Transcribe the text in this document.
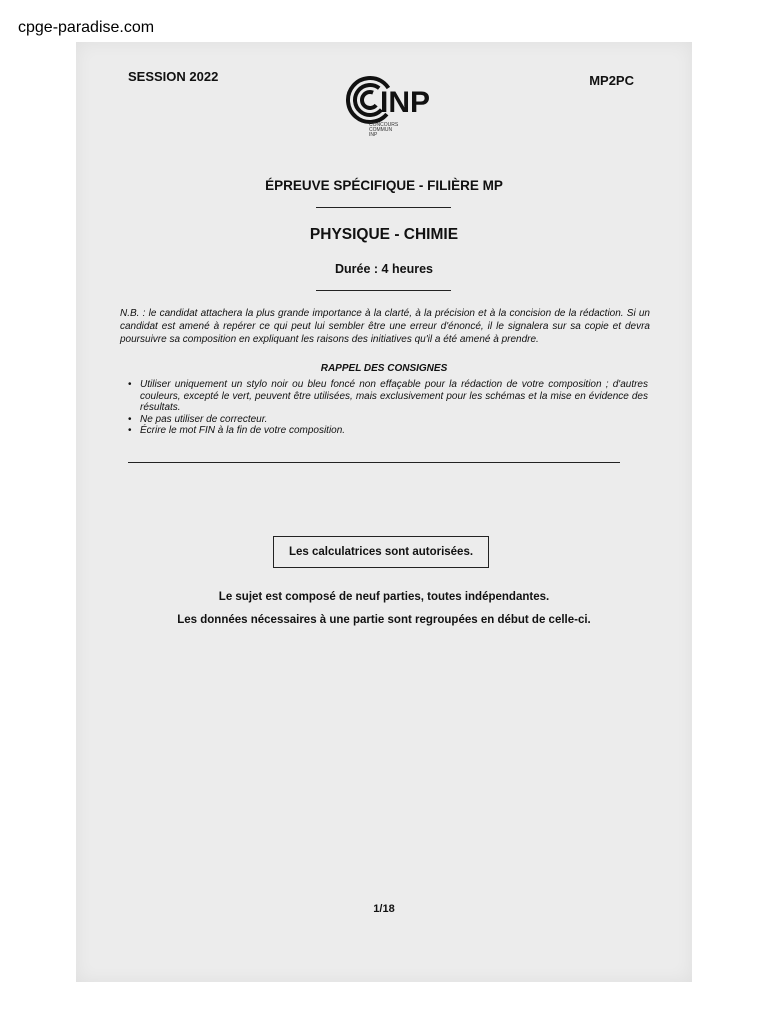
cpge-paradise.com
SESSION 2022
INP
CONCOURS
COMMUN
INP
MP2PC
ÉPREUVE SPÉCIFIQUE - FILIÈRE MP
PHYSIQUE - CHIMIE
Durée : 4 heures
N.B. : le candidat attachera la plus grande importance à la clarté, à la précision et à la concision de la rédaction. Si un candidat est amené à repérer ce qui peut lui sembler être une erreur d'énoncé, il le signalera sur sa copie et devra poursuivre sa composition en expliquant les raisons des initiatives qu'il a été amené à prendre.
RAPPEL DES CONSIGNES
• Utiliser uniquement un stylo noir ou bleu foncé non effaçable pour la rédaction de votre composition ; d'autres couleurs, excepté le vert, peuvent être utilisées, mais exclusivement pour les schémas et la mise en évidence des résultats.
• Ne pas utiliser de correcteur.
• Écrire le mot FIN à la fin de votre composition.
Les calculatrices sont autorisées.
Le sujet est composé de neuf parties, toutes indépendantes.
Les données nécessaires à une partie sont regroupées en début de celle-ci.
1/18
